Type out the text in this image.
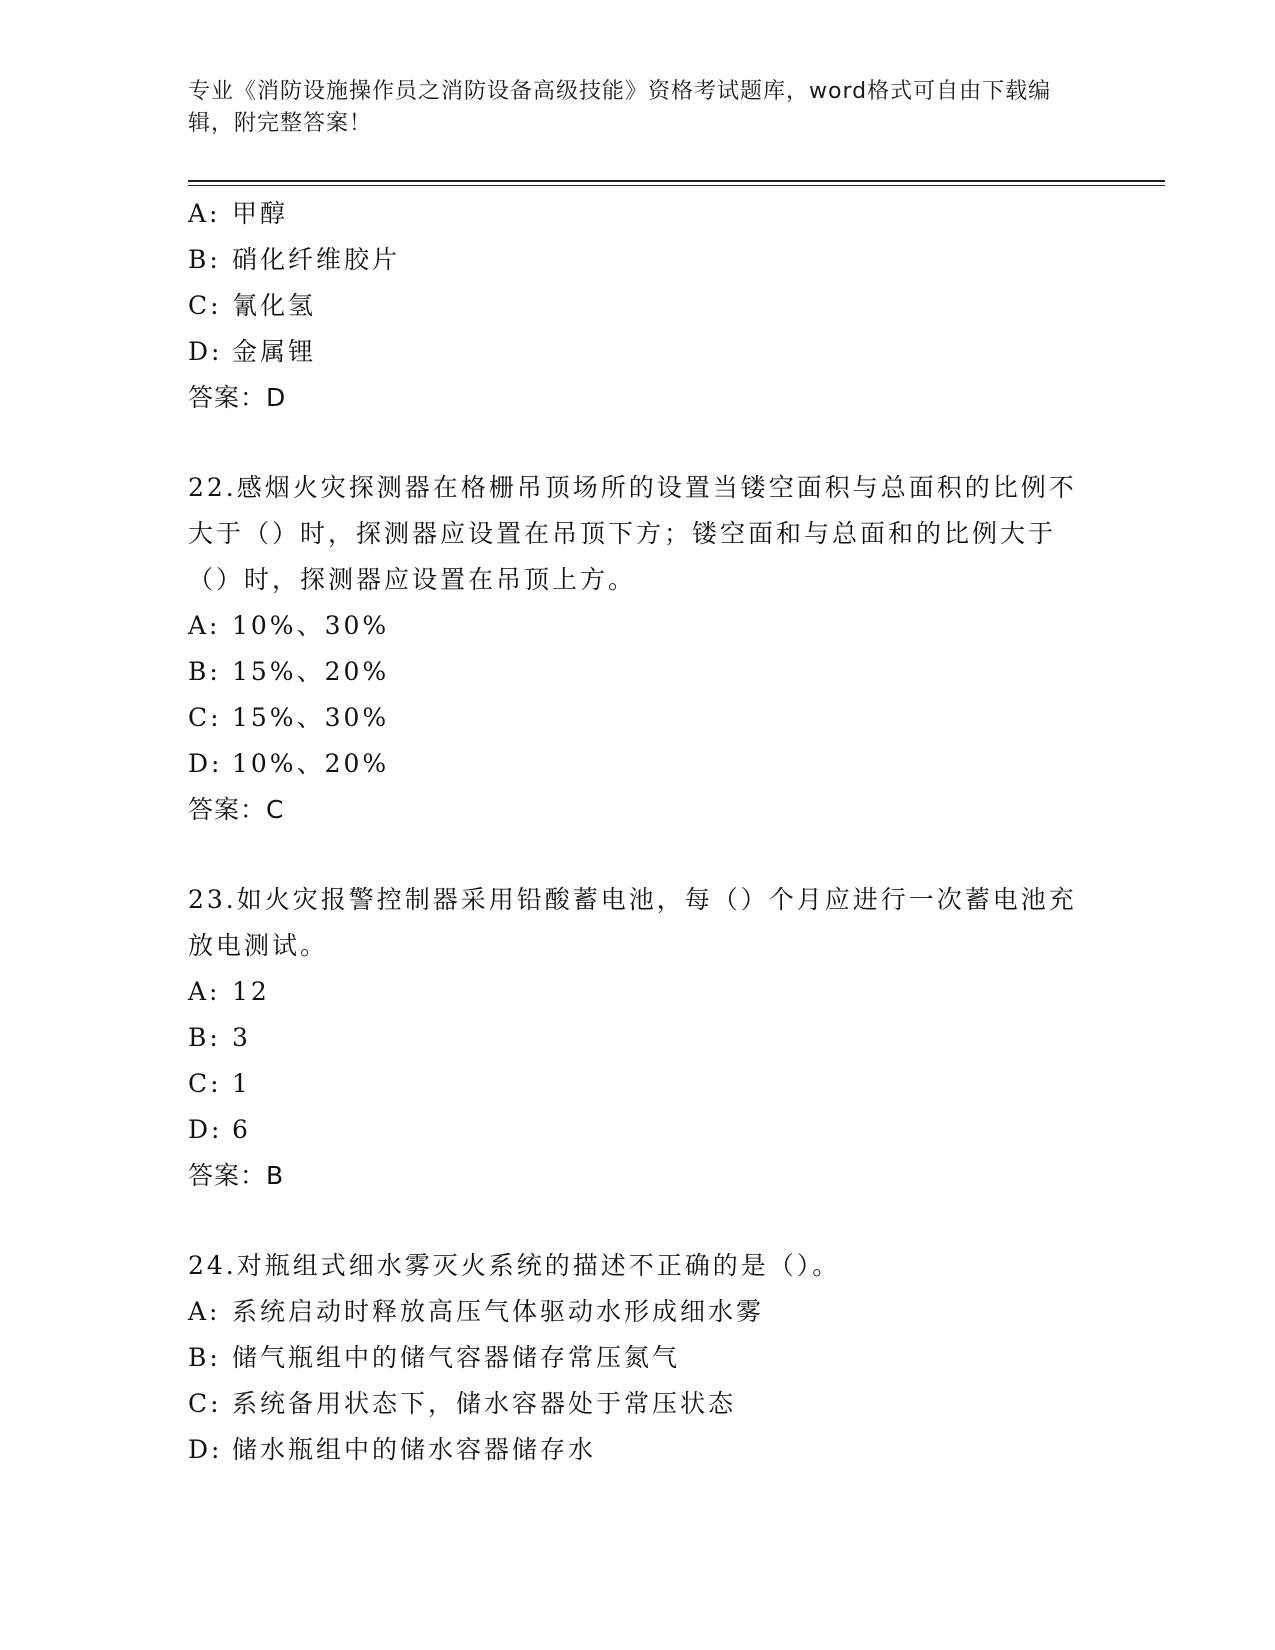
专业《消防设施操作员之消防设备高级技能》资格考试题库，word格式可自由下载编辑，附完整答案！
A: 甲醇
B: 硝化纤维胶片
C: 氰化氢
D: 金属锂
答案：D
22.感烟火灾探测器在格栅吊顶场所的设置当镂空面积与总面积的比例不大于（）时，探测器应设置在吊顶下方；镂空面和与总面和的比例大于（）时，探测器应设置在吊顶上方。
A: 10%、30%
B: 15%、20%
C: 15%、30%
D: 10%、20%
答案：C
23.如火灾报警控制器采用铅酸蓄电池，每（）个月应进行一次蓄电池充放电测试。
A: 12
B: 3
C: 1
D: 6
答案：B
24.对瓶组式细水雾灭火系统的描述不正确的是（）。
A: 系统启动时释放高压气体驱动水形成细水雾
B: 储气瓶组中的储气容器储存常压氮气
C: 系统备用状态下，储水容器处于常压状态
D: 储水瓶组中的储水容器储存水
